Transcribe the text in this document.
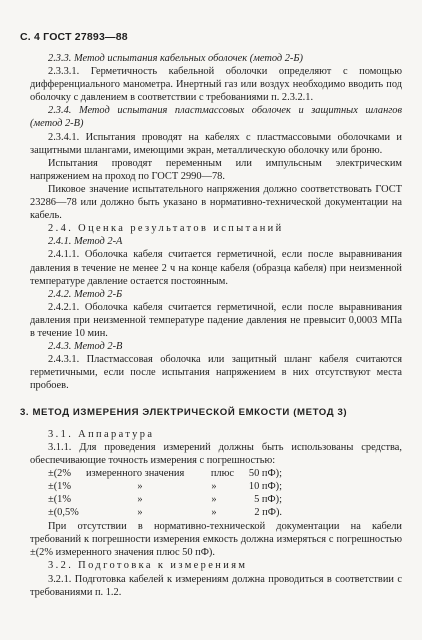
С. 4 ГОСТ 27893—88

2.3.3. Метод испытания кабельных оболочек (метод 2-Б)

2.3.3.1. Герметичность кабельной оболочки определяют с помощью дифференциального манометра. Инертный газ или воздух необходимо вводить под оболочку с давлением в соответствии с требованиями п. 2.3.2.1.

2.3.4. Метод испытания пластмассовых оболочек и защитных шлангов (метод 2-В)

2.3.4.1. Испытания проводят на кабелях с пластмассовыми оболочками и защитными шлангами, имеющими экран, металлическую оболочку или броню.

Испытания проводят переменным или импульсным электрическим напряжением на проход по ГОСТ 2990—78.

Пиковое значение испытательного напряжения должно соответствовать ГОСТ 23286—78 или должно быть указано в нормативно-технической документации на кабель.

2.4. Оценка результатов испытаний

2.4.1. Метод 2-А

2.4.1.1. Оболочка кабеля считается герметичной, если после выравнивания давления в течение не менее 2 ч на конце кабеля (образца кабеля) при неизменной температуре давление остается постоянным.

2.4.2. Метод 2-Б

2.4.2.1. Оболочка кабеля считается герметичной, если после выравнивания давления при неизменной температуре падение давления не превысит 0,0003 МПа в течение 10 мин.

2.4.3. Метод 2-В

2.4.3.1. Пластмассовая оболочка или защитный шланг кабеля считаются герметичными, если после испытания напряжением в них отсутствуют места пробоев.

3. МЕТОД ИЗМЕРЕНИЯ ЭЛЕКТРИЧЕСКОЙ ЕМКОСТИ (МЕТОД 3)

3.1. Аппаратура

3.1.1. Для проведения измерений должны быть использованы средства, обеспечивающие точность измерения с погрешностью:

±(2%	измеренного значения	плюс	50 пФ);
±(1%	»	»	10 пФ);
±(1%	»	»	5 пФ);
±(0,5%	»	»	2 пФ).

При отсутствии в нормативно-технической документации на кабели требований к погрешности измерения емкость должна измеряться с погрешностью ±(2% измеренного значения плюс 50 пФ).

3.2. Подготовка к измерениям

3.2.1. Подготовка кабелей к измерениям должна проводиться в соответствии с требованиями п. 1.2.
